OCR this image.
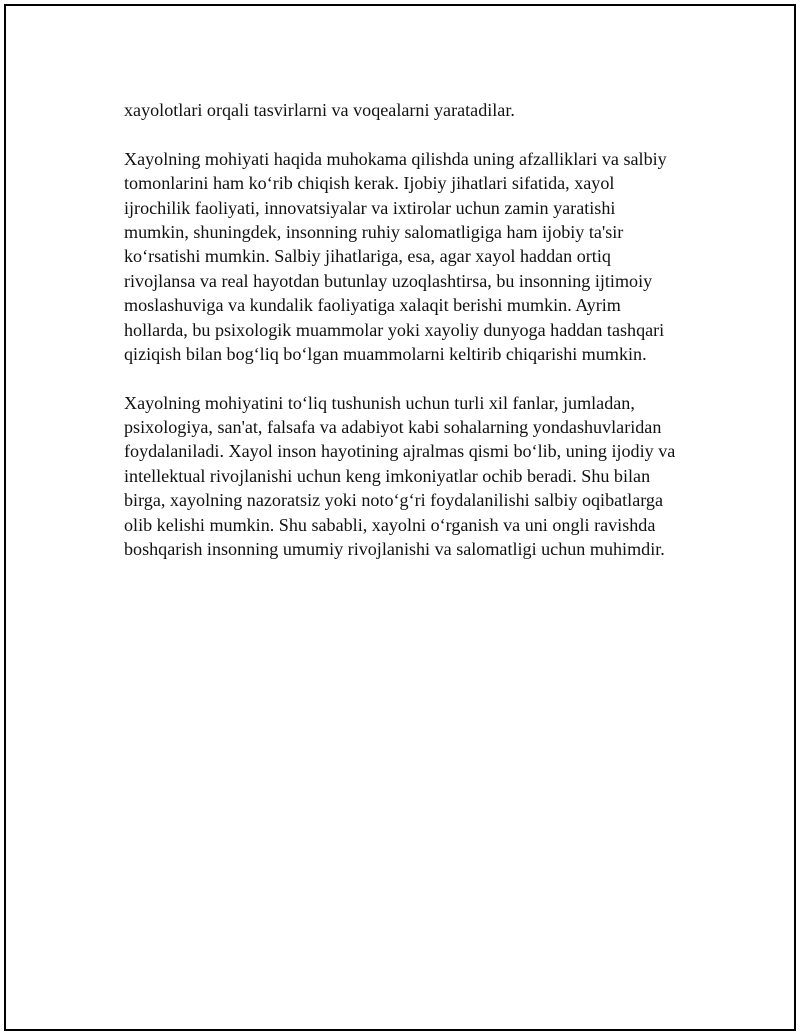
xayolotlari orqali tasvirlarni va voqealarni yaratadilar.

Xayolning mohiyati haqida muhokama qilishda uning afzalliklari va salbiy
tomonlarini ham koʻrib chiqish kerak. Ijobiy jihatlari sifatida, xayol
ijrochilik faoliyati, innovatsiyalar va ixtirolar uchun zamin yaratishi
mumkin, shuningdek, insonning ruhiy salomatligiga ham ijobiy ta'sir
koʻrsatishi mumkin. Salbiy jihatlariga, esa, agar xayol haddan ortiq
rivojlansa va real hayotdan butunlay uzoqlashtirsa, bu insonning ijtimoiy
moslashuviga va kundalik faoliyatiga xalaqit berishi mumkin. Ayrim
hollarda, bu psixologik muammolar yoki xayoliy dunyoga haddan tashqari
qiziqish bilan bogʻliq boʻlgan muammolarni keltirib chiqarishi mumkin.

Xayolning mohiyatini toʻliq tushunish uchun turli xil fanlar, jumladan,
psixologiya, san'at, falsafa va adabiyot kabi sohalarning yondashuvlaridan
foydalaniladi. Xayol inson hayotining ajralmas qismi boʻlib, uning ijodiy va
intellektual rivojlanishi uchun keng imkoniyatlar ochib beradi. Shu bilan
birga, xayolning nazoratsiz yoki notoʻgʻri foydalanilishi salbiy oqibatlarga
olib kelishi mumkin. Shu sababli, xayolni oʻrganish va uni ongli ravishda
boshqarish insonning umumiy rivojlanishi va salomatligi uchun muhimdir.
